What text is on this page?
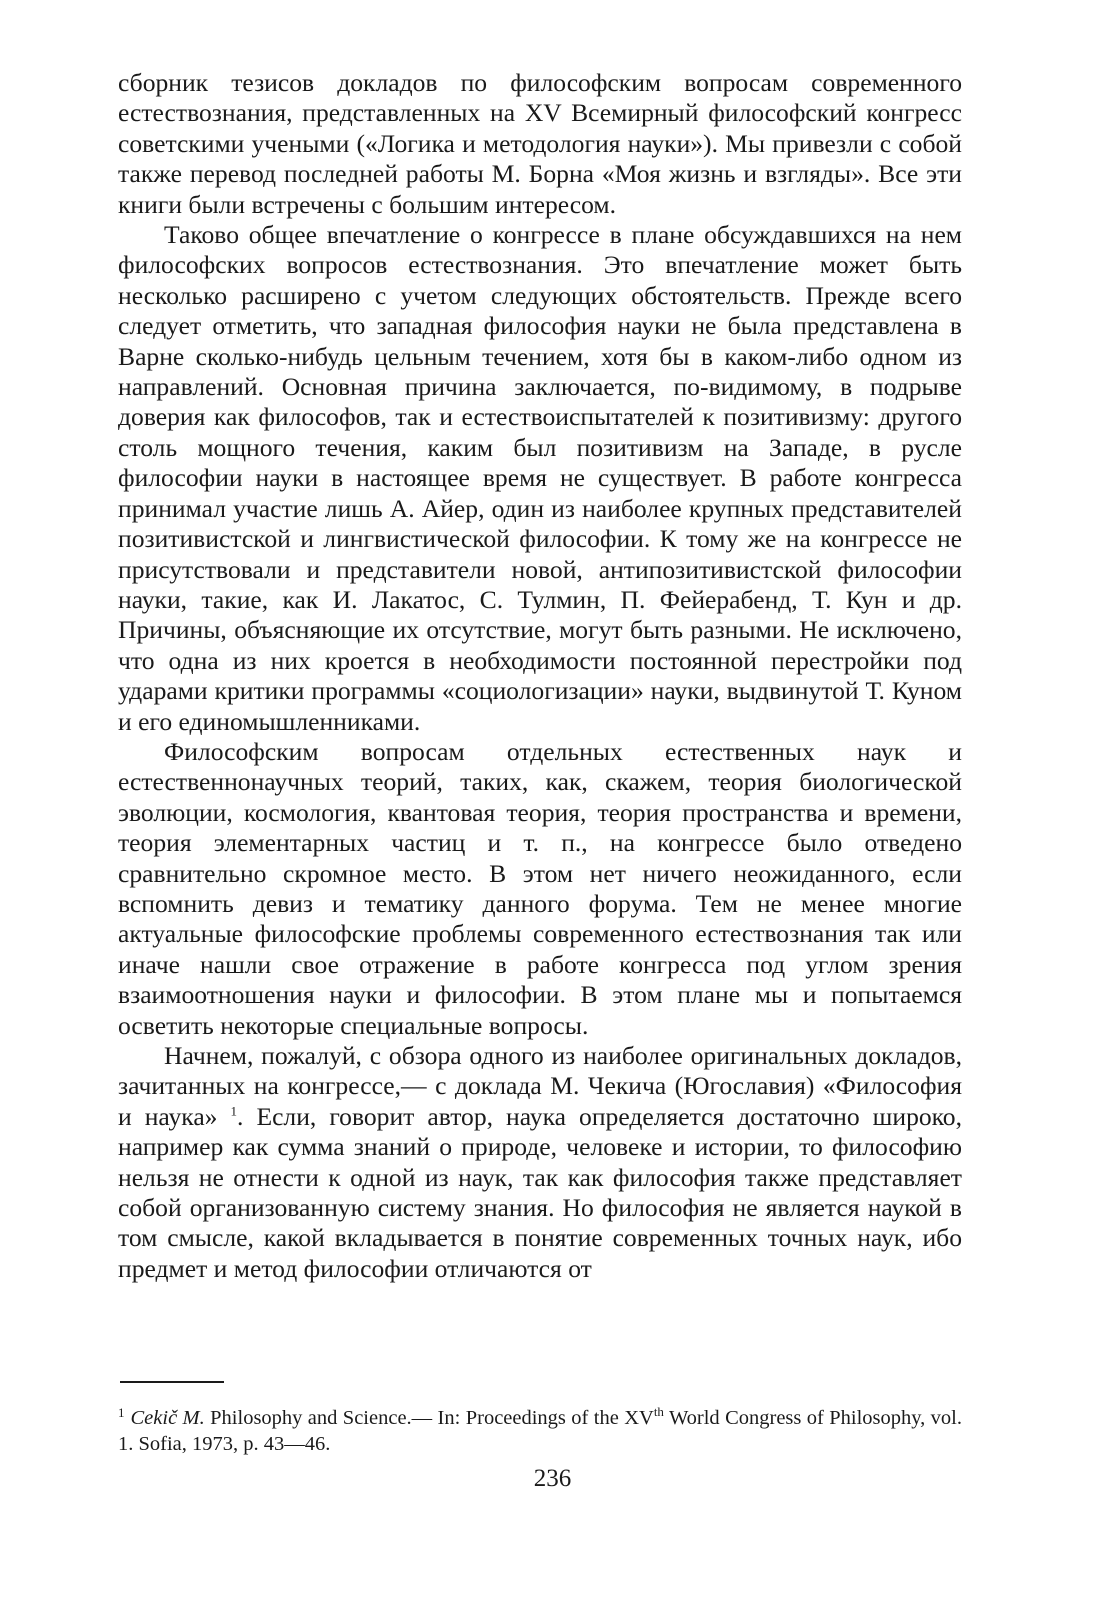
сборник тезисов докладов по философским вопросам современного естествознания, представленных на XV Всемирный философский конгресс советскими учеными («Логика и методология науки»). Мы привезли с собой также перевод последней работы М. Борна «Моя жизнь и взгляды». Все эти книги были встречены с большим интересом.

Таково общее впечатление о конгрессе в плане обсуждавшихся на нем философских вопросов естествознания. Это впечатление может быть несколько расширено с учетом следующих обстоятельств. Прежде всего следует отметить, что западная философия науки не была представлена в Варне сколько-нибудь цельным течением, хотя бы в каком-либо одном из направлений. Основная причина заключается, по-видимому, в подрыве доверия как философов, так и естествоиспытателей к позитивизму: другого столь мощного течения, каким был позитивизм на Западе, в русле философии науки в настоящее время не существует. В работе конгресса принимал участие лишь А. Айер, один из наиболее крупных представителей позитивистской и лингвистической философии. К тому же на конгрессе не присутствовали и представители новой, антипозитивистской философии науки, такие, как И. Лакатос, С. Тулмин, П. Фейерабенд, Т. Кун и др. Причины, объясняющие их отсутствие, могут быть разными. Не исключено, что одна из них кроется в необходимости постоянной перестройки под ударами критики программы «социологизации» науки, выдвинутой Т. Куном и его единомышленниками.

Философским вопросам отдельных естественных наук и естественнонаучных теорий, таких, как, скажем, теория биологической эволюции, космология, квантовая теория, теория пространства и времени, теория элементарных частиц и т. п., на конгрессе было отведено сравнительно скромное место. В этом нет ничего неожиданного, если вспомнить девиз и тематику данного форума. Тем не менее многие актуальные философские проблемы современного естествознания так или иначе нашли свое отражение в работе конгресса под углом зрения взаимоотношения науки и философии. В этом плане мы и попытаемся осветить некоторые специальные вопросы.

Начнем, пожалуй, с обзора одного из наиболее оригинальных докладов, зачитанных на конгрессе,— с доклада М. Чекича (Югославия) «Философия и наука» $^1$. Если, говорит автор, наука определяется достаточно широко, например как сумма знаний о природе, человеке и истории, то философию нельзя не отнести к одной из наук, так как философия также представляет собой организованную систему знания. Но философия не является наукой в том смысле, какой вкладывается в понятие современных точных наук, ибо предмет и метод философии отличаются от

$^1$ Cekič M. Philosophy and Science.— In: Proceedings of the XVth World Congress of Philosophy, vol. 1. Sofia, 1973, p. 43—46.
236
